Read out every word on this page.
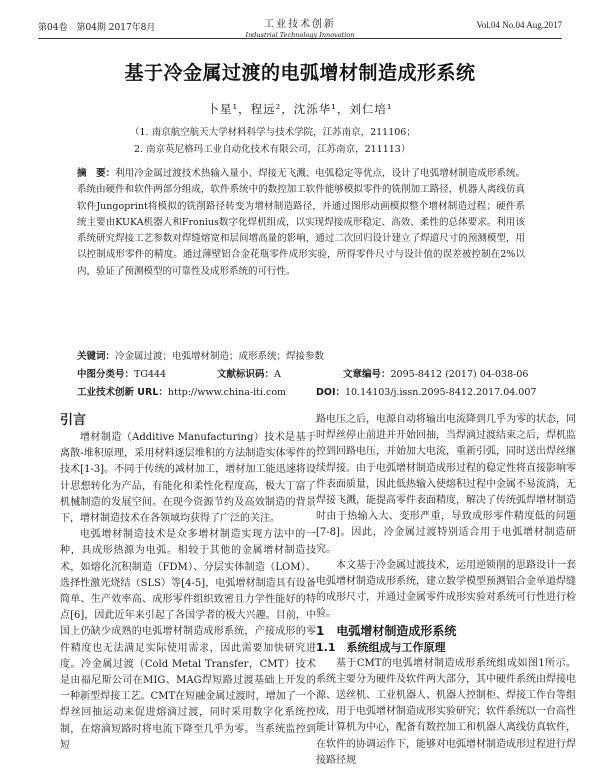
第04卷　第04期 2017年8月	工业技术创新
Industrial Technology Innovation
Vol.04 No.04 Aug.2017
基于冷金属过渡的电弧增材制造成形系统
卜星¹，程远²，沈泺华¹，刘仁培¹
（1. 南京航空航天大学材料科学与技术学院，江苏南京，211106；
2. 南京英尼格玛工业自动化技术有限公司，江苏南京，211113）
摘　要：利用冷金属过渡技术热输入量小、焊接无飞溅、电弧稳定等优点，设计了电弧增材制造成形系统。系统由硬件和软件两部分组成，软件系统中的数控加工软件能够模拟零件的铣削加工路径，机器人离线仿真软件Jungoprint将模拟的铣削路径转变为增材制造路径，并通过图形动画模拟整个增材制造过程；硬件系统主要由KUKA机器人和Fronius数字化焊机组成，以实现焊接成形稳定、高效、柔性的总体要求。利用该系统研究焊接工艺参数对焊缝熔宽和层间增高量的影响，通过二次回归设计建立了焊道尺寸的预测模型，用以控制成形零件的精度。通过薄壁铝合金花瓶零件成形实验，所得零件尺寸与设计值的误差被控制在2%以内，验证了预测模型的可靠性及成形系统的可行性。
关键词：冷金属过渡；电弧增材制造；成形系统；焊接参数
中图分类号：TG444	文献标识码：A	文章编号：2095-8412 (2017) 04-038-06
工业技术创新 URL：http://www.china-iti.com	DOI：10.14103/j.issn.2095-8412.2017.04.007

引言

增材制造（Additive Manufacturing）技术是基于离散-堆积原理，采用材料逐层堆积的方法制造实体零件的技术[1-3]。不同于传统的减材加工，增材加工能迅速将设计思想转化为产品，有能化和柔性化程度高，极大丁富了机械制造的发展空间。在现今资源节约及高效制造的背景下，增材制造技术在各领域均获得了广泛的关注。

电弧增材制造技术是众多增材制造实现方法中的一种，具成形热源为电弧。相较于其他的金属增材制造技术，如熔化沉积制造（FDM）、分层实体制造（LOM）、选择性激光烧结（SLS）等[4-5]，电弧增材制造具有设备简单、生产效率高、成形零件组织致密且力学性能好的特点[6]，因此近年来引起了各国学者的极大兴趣。目前，中国上仍缺少成熟的电弧增材制造成形系统，产接成形的零件精度也无法满足实际使用需求，因此需要加快研究进度。冷金属过渡（Cold Metal Transfer，CMT）技术是由福尼斯公司在MIG、MAG焊短路过渡基础上开发的一种新型焊接工艺。CMT在短融金属过渡时，增加了一个焊丝回抽运动来促进熔滴过渡，同时采用数字化系统控制，在熔滴短路时将电流下降至几乎为零。当系统监控到短

路电压之后，电源自动将输出电流降到几乎为零的状态，同时焊丝停止前进并开始回抽，当焊滴过渡结束之后，焊机监控到回路电压，并始加大电流，重新引弧，同时送出焊丝继续焊接。由于电弧增材制造成形过程的稳定性将直接影响零件表面质量，因此低热输入使熔积过程中金属不易流淌，无焊接飞溅，能提高零件表面精度，解决了传统弧焊增材制造时由于热输入大、变形严重，导致成形零件精度低的问题[7-8]。因此，冷金属过渡特别适合用于电弧增材制造研究。

本文基于冷金属过渡技术，运用逆锁削的思路设计一套电弧增材制造成形系统，建立数学模型预测铝合金单道焊缝的成形尺寸，并通过金属零件成形实验对系统可行性进行检验。

1　电弧增材制造成形系统

1.1　系统组成与工作原理

基于CMT的电弧增材制造成形系统组成如图1所示。系统主要分为硬件及软件两大部分，其中硬件系统由焊接电源、送丝机、工业机器人、机器人控制柜、焊接工作台等组成，用于电弧增材制造成形实验研究；软件系统以一台高性能计算机为中心，配备有数控加工和机器人离线仿真软件，在软件的协调运作下，能够对电弧增材制造成形过程进行焊接路径规
